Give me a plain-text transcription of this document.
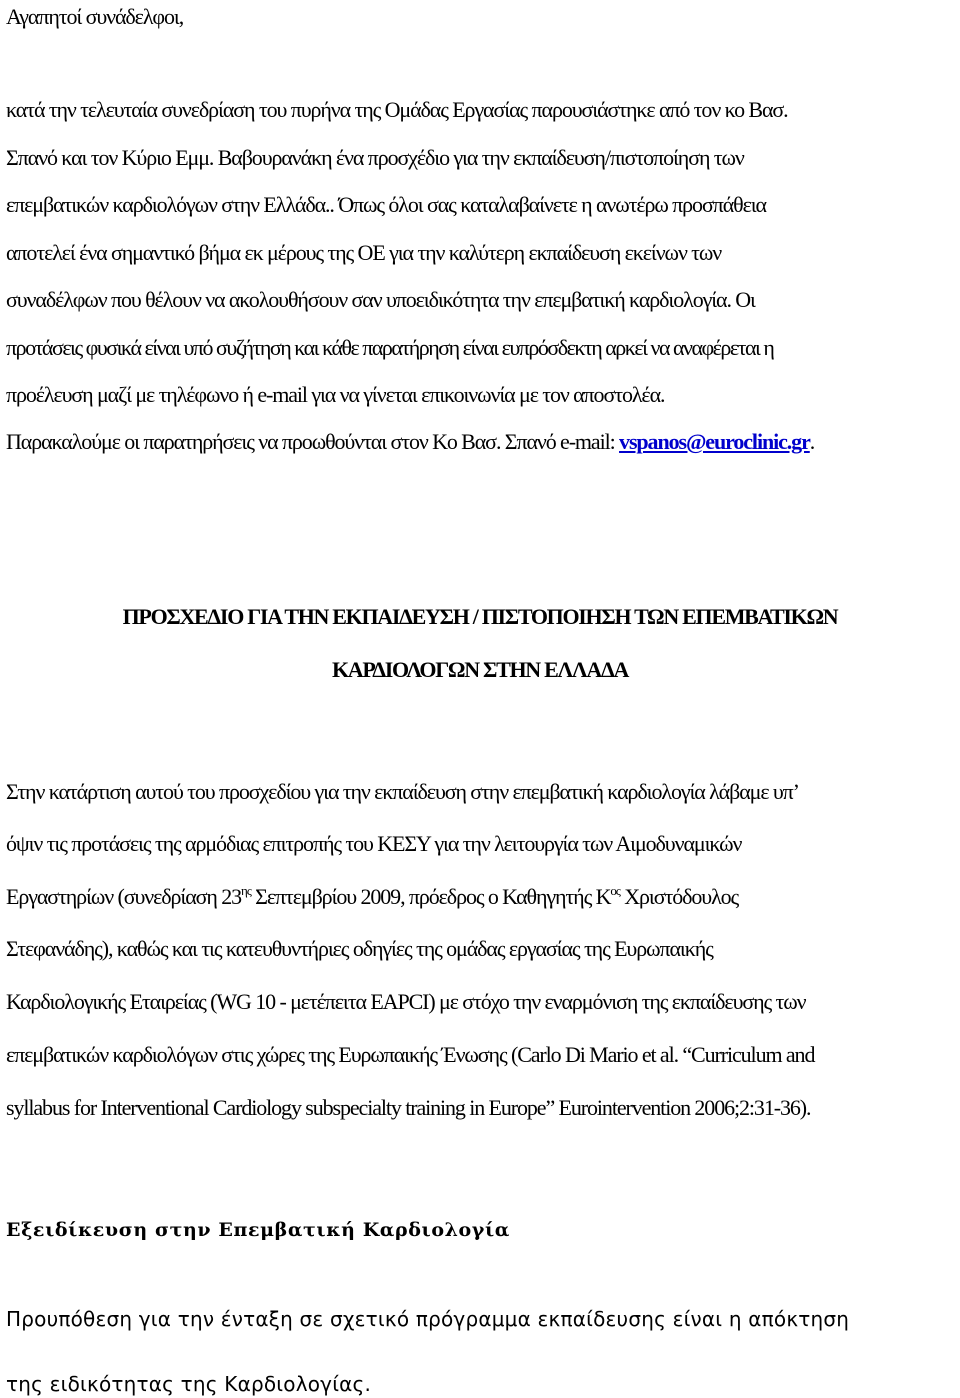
Αγαπητοί συνάδελφοι,
κατά την τελευταία συνεδρίαση του πυρήνα της Ομάδας Εργασίας παρουσιάστηκε από τον κο Βασ.
Σπανό και τον Κύριο Εμμ. Βαβουρανάκη ένα προσχέδιο για την εκπαίδευση/πιστοποίηση των
επεμβατικών καρδιολόγων στην Ελλάδα.. Όπως όλοι σας καταλαβαίνετε η ανωτέρω προσπάθεια
αποτελεί ένα σημαντικό βήμα εκ μέρους της ΟΕ για την καλύτερη εκπαίδευση εκείνων των
συναδέλφων που θέλουν να ακολουθήσουν σαν υποειδικότητα την επεμβατική καρδιολογία. Οι
προτάσεις φυσικά είναι υπό συζήτηση και κάθε παρατήρηση είναι ευπρόσδεκτη αρκεί να αναφέρεται η
προέλευση μαζί με τηλέφωνο ή e-mail για να γίνεται επικοινωνία με τον αποστολέα.
Παρακαλούμε οι παρατηρήσεις να προωθούνται στον Κο Βασ. Σπανό e-mail: vspanos@euroclinic.gr.
ΠΡΟΣΧΕΔΙΟ ΓΙΑ ΤΗΝ ΕΚΠΑΙΔΕΥΣΗ / ΠΙΣΤΟΠΟΙΗΣΗ ΤΩΝ ΕΠΕΜΒΑΤΙΚΩΝ
ΚΑΡΔΙΟΛΟΓΩΝ ΣΤΗΝ ΕΛΛΑΔΑ
Στην κατάρτιση αυτού του προσχεδίου για την εκπαίδευση στην επεμβατική καρδιολογία λάβαμε υπ’
όψιν τις προτάσεις της αρμόδιας επιτροπής του ΚΕΣΥ για την λειτουργία των Αιμοδυναμικών
Εργαστηρίων (συνεδρίαση $23^{\eta\varsigma}$ Σεπτεμβρίου 2009, πρόεδρος ο Καθηγητής $K^{o\varsigma}$ Χριστόδουλος
Στεφανάδης), καθώς και τις κατευθυντήριες οδηγίες της ομάδας εργασίας της Ευρωπαικής
Καρδιολογικής Εταιρείας (WG 10 - μετέπειτα EAPCI) με στόχο την εναρμόνιση της εκπαίδευσης των
επεμβατικών καρδιολόγων στις χώρες της Ευρωπαικής Ένωσης (Carlo Di Mario et al. “Curriculum and
syllabus for Interventional Cardiology subspecialty training in Europe” Eurointervention 2006;2:31-36).
Εξειδίκευση στην Επεμβατική Καρδιολογία
Προυπόθεση για την ένταξη σε σχετικό πρόγραμμα εκπαίδευσης είναι η απόκτηση
της ειδικότητας της Καρδιολογίας.
